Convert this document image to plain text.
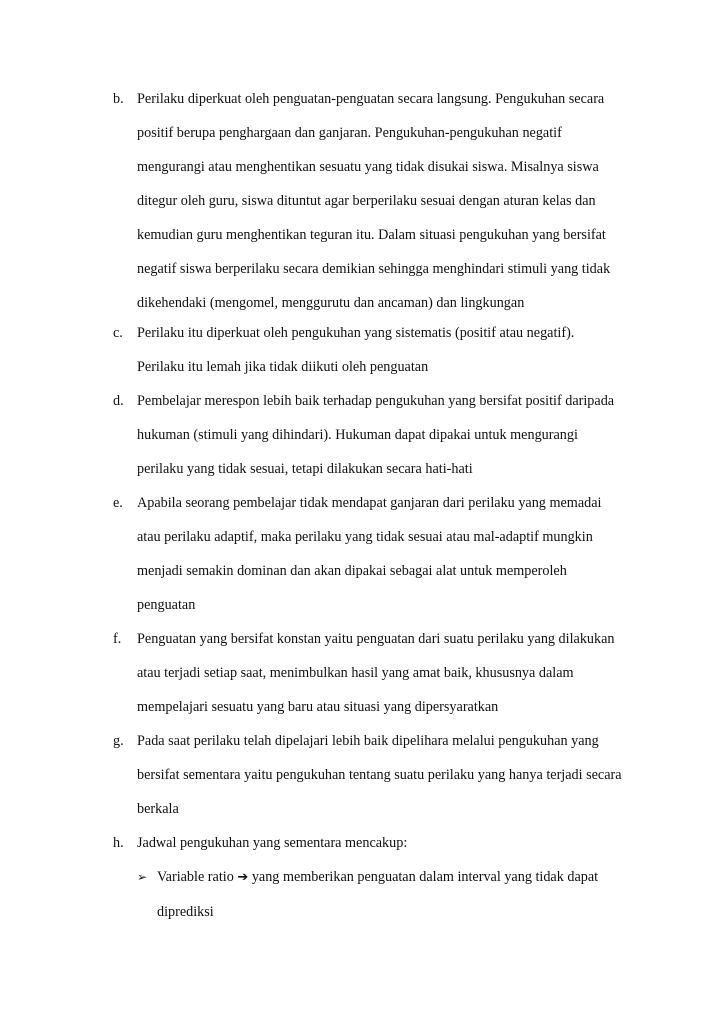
b. Perilaku diperkuat oleh penguatan-penguatan secara langsung. Pengukuhan secara
positif berupa penghargaan dan ganjaran. Pengukuhan-pengukuhan negatif
mengurangi atau menghentikan sesuatu yang tidak disukai siswa. Misalnya siswa
ditegur oleh guru, siswa dituntut agar berperilaku sesuai dengan aturan kelas dan
kemudian guru menghentikan teguran itu. Dalam situasi pengukuhan yang bersifat
negatif siswa berperilaku secara demikian sehingga menghindari stimuli yang tidak
dikehendaki (mengomel, menggurutu dan ancaman) dan lingkungan
c. Perilaku itu diperkuat oleh pengukuhan yang sistematis (positif atau negatif).
Perilaku itu lemah jika tidak diikuti oleh penguatan
d. Pembelajar merespon lebih baik terhadap pengukuhan yang bersifat positif daripada
hukuman (stimuli yang dihindari). Hukuman dapat dipakai untuk mengurangi
perilaku yang tidak sesuai, tetapi dilakukan secara hati-hati
e. Apabila seorang pembelajar tidak mendapat ganjaran dari perilaku yang memadai
atau perilaku adaptif, maka perilaku yang tidak sesuai atau mal-adaptif mungkin
menjadi semakin dominan dan akan dipakai sebagai alat untuk memperoleh
penguatan
f. Penguatan yang bersifat konstan yaitu penguatan dari suatu perilaku yang dilakukan
atau terjadi setiap saat, menimbulkan hasil yang amat baik, khususnya dalam
mempelajari sesuatu yang baru atau situasi yang dipersyaratkan
g. Pada saat perilaku telah dipelajari lebih baik dipelihara melalui pengukuhan yang
bersifat sementara yaitu pengukuhan tentang suatu perilaku yang hanya terjadi secara
berkala
h. Jadwal pengukuhan yang sementara mencakup:
➢ Variable ratio ➔ yang memberikan penguatan dalam interval yang tidak dapat
diprediksi
